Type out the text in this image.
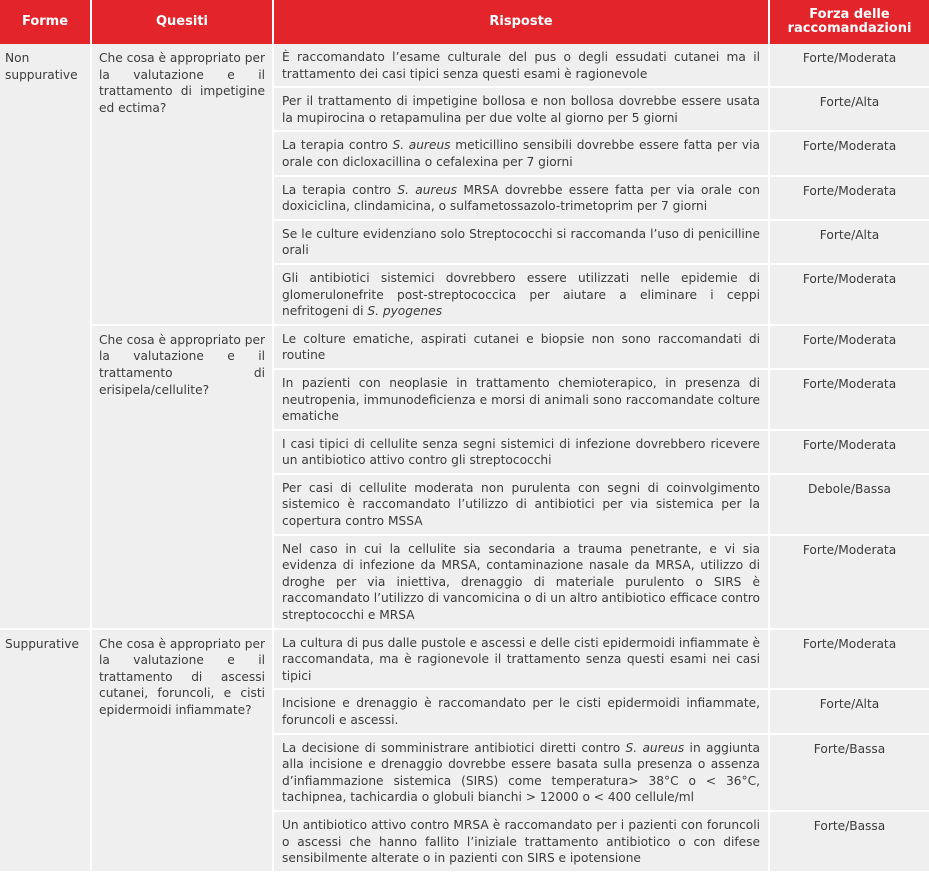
Forme	Quesiti	Risposte	Forza delle raccomandazioni
Non suppurative	Che cosa è appropriato per la valutazione e il trattamento di impetigine ed ectima?	È raccomandato l’esame culturale del pus o degli essudati cutanei ma il trattamento dei casi tipici senza questi esami è ragionevole	Forte/Moderata
		Per il trattamento di impetigine bollosa e non bollosa dovrebbe essere usata la mupirocina o retapamulina per due volte al giorno per 5 giorni	Forte/Alta
		La terapia contro S. aureus meticillino sensibili dovrebbe essere fatta per via orale con dicloxacillina o cefalexina per 7 giorni	Forte/Moderata
		La terapia contro S. aureus MRSA dovrebbe essere fatta per via orale con doxiciclina, clindamicina, o sulfametossazolo-trimetoprim per 7 giorni	Forte/Moderata
		Se le culture evidenziano solo Streptococchi si raccomanda l’uso di penicilline orali	Forte/Alta
		Gli antibiotici sistemici dovrebbero essere utilizzati nelle epidemie di glomerulonefrite post-streptococcica per aiutare a eliminare i ceppi nefritogeni di S. pyogenes	Forte/Moderata
	Che cosa è appropriato per la valutazione e il trattamento di erisipela/cellulite?	Le colture ematiche, aspirati cutanei e biopsie non sono raccomandati di routine	Forte/Moderata
		In pazienti con neoplasie in trattamento chemioterapico, in presenza di neutropenia, immunodeficienza e morsi di animali sono raccomandate colture ematiche	Forte/Moderata
		I casi tipici di cellulite senza segni sistemici di infezione dovrebbero ricevere un antibiotico attivo contro gli streptococchi	Forte/Moderata
		Per casi di cellulite moderata non purulenta con segni di coinvolgimento sistemico è raccomandato l’utilizzo di antibiotici per via sistemica per la copertura contro MSSA	Debole/Bassa
		Nel caso in cui la cellulite sia secondaria a trauma penetrante, e vi sia evidenza di infezione da MRSA, contaminazione nasale da MRSA, utilizzo di droghe per via iniettiva, drenaggio di materiale purulento o SIRS è raccomandato l’utilizzo di vancomicina o di un altro antibiotico efficace contro streptococchi e MRSA	Forte/Moderata
Suppurative	Che cosa è appropriato per la valutazione e il trattamento di ascessi cutanei, foruncoli, e cisti epidermoidi infiammate?	La cultura di pus dalle pustole e ascessi e delle cisti epidermoidi infiammate è raccomandata, ma è ragionevole il trattamento senza questi esami nei casi tipici	Forte/Moderata
		Incisione e drenaggio è raccomandato per le cisti epidermoidi infiammate, foruncoli e ascessi.	Forte/Alta
		La decisione di somministrare antibiotici diretti contro S. aureus in aggiunta alla incisione e drenaggio dovrebbe essere basata sulla presenza o assenza d’infiammazione sistemica (SIRS) come temperatura> 38°C o < 36°C, tachipnea, tachicardia o globuli bianchi > 12000 o < 400 cellule/ml	Forte/Bassa
		Un antibiotico attivo contro MRSA è raccomandato per i pazienti con foruncoli o ascessi che hanno fallito l’iniziale trattamento antibiotico o con difese sensibilmente alterate o in pazienti con SIRS e ipotensione	Forte/Bassa
